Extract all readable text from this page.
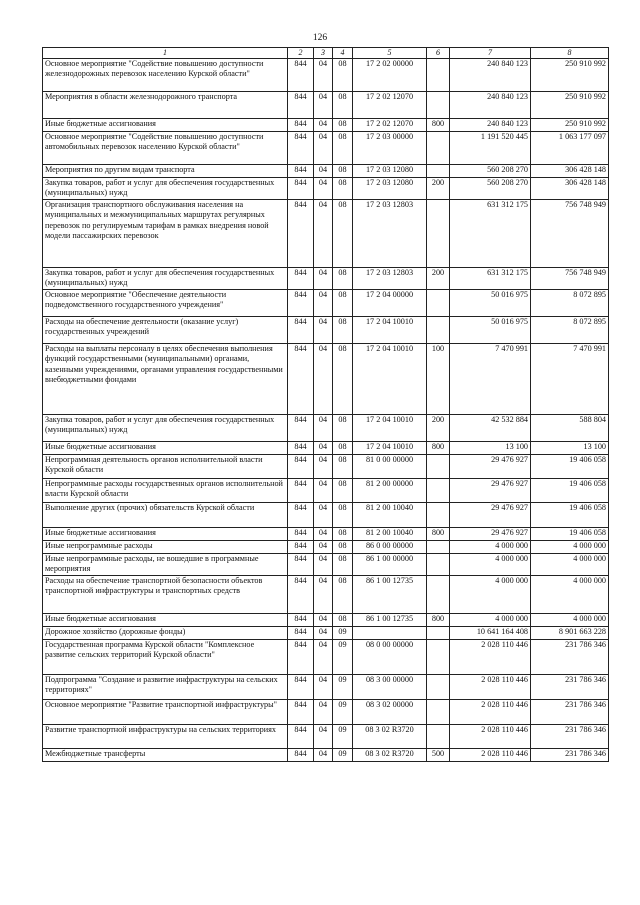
126
1	2	3	4	5	6	7	8
Основное мероприятие "Содействие повышению доступности железнодорожных перевозок населению Курской области"	844	04	08	17 2 02 00000		240 840 123	250 910 992
Мероприятия в области железнодорожного транспорта	844	04	08	17 2 02 12070		240 840 123	250 910 992
Иные бюджетные ассигнования	844	04	08	17 2 02 12070	800	240 840 123	250 910 992
Основное мероприятие "Содействие повышению доступности автомобильных перевозок населению Курской области"	844	04	08	17 2 03 00000		1 191 520 445	1 063 177 097
Мероприятия по другим видам транспорта	844	04	08	17 2 03 12080		560 208 270	306 428 148
Закупка товаров, работ и услуг для обеспечения государственных (муниципальных) нужд	844	04	08	17 2 03 12080	200	560 208 270	306 428 148
Организация транспортного обслуживания населения на муниципальных и межмуниципальных маршрутах регулярных перевозок по регулируемым тарифам в рамках внедрения новой модели пассажирских перевозок	844	04	08	17 2 03 12803		631 312 175	756 748 949
Закупка товаров, работ и услуг для обеспечения государственных (муниципальных) нужд	844	04	08	17 2 03 12803	200	631 312 175	756 748 949
Основное мероприятие "Обеспечение деятельности подведомственного государственного учреждения"	844	04	08	17 2 04 00000		50 016 975	8 072 895
Расходы на обеспечение деятельности (оказание услуг) государственных учреждений	844	04	08	17 2 04 10010		50 016 975	8 072 895
Расходы на выплаты персоналу в целях обеспечения выполнения функций государственными (муниципальными) органами, казенными учреждениями, органами управления государственными внебюджетными фондами	844	04	08	17 2 04 10010	100	7 470 991	7 470 991
Закупка товаров, работ и услуг для обеспечения государственных (муниципальных) нужд	844	04	08	17 2 04 10010	200	42 532 884	588 804
Иные бюджетные ассигнования	844	04	08	17 2 04 10010	800	13 100	13 100
Непрограммная деятельность органов исполнительной власти Курской области	844	04	08	81 0 00 00000		29 476 927	19 406 058
Непрограммные расходы государственных органов исполнительной власти Курской области	844	04	08	81 2 00 00000		29 476 927	19 406 058
Выполнение других (прочих) обязательств Курской области	844	04	08	81 2 00 10040		29 476 927	19 406 058
Иные бюджетные ассигнования	844	04	08	81 2 00 10040	800	29 476 927	19 406 058
Иные непрограммные расходы	844	04	08	86 0 00 00000		4 000 000	4 000 000
Иные непрограммные расходы, не вошедшие в программные мероприятия	844	04	08	86 1 00 00000		4 000 000	4 000 000
Расходы на обеспечение транспортной безопасности объектов транспортной инфраструктуры и транспортных средств	844	04	08	86 1 00 12735		4 000 000	4 000 000
Иные бюджетные ассигнования	844	04	08	86 1 00 12735	800	4 000 000	4 000 000
Дорожное хозяйство (дорожные фонды)	844	04	09			10 641 164 408	8 901 663 228
Государственная программа Курской области "Комплексное развитие сельских территорий Курской области"	844	04	09	08 0 00 00000		2 028 110 446	231 786 346
Подпрограмма "Создание и развитие инфраструктуры на сельских территориях"	844	04	09	08 3 00 00000		2 028 110 446	231 786 346
Основное мероприятие "Развитие транспортной инфраструктуры"	844	04	09	08 3 02 00000		2 028 110 446	231 786 346
Развитие транспортной инфраструктуры на сельских территориях	844	04	09	08 3 02 R3720		2 028 110 446	231 786 346
Межбюджетные трансферты	844	04	09	08 3 02 R3720	500	2 028 110 446	231 786 346
